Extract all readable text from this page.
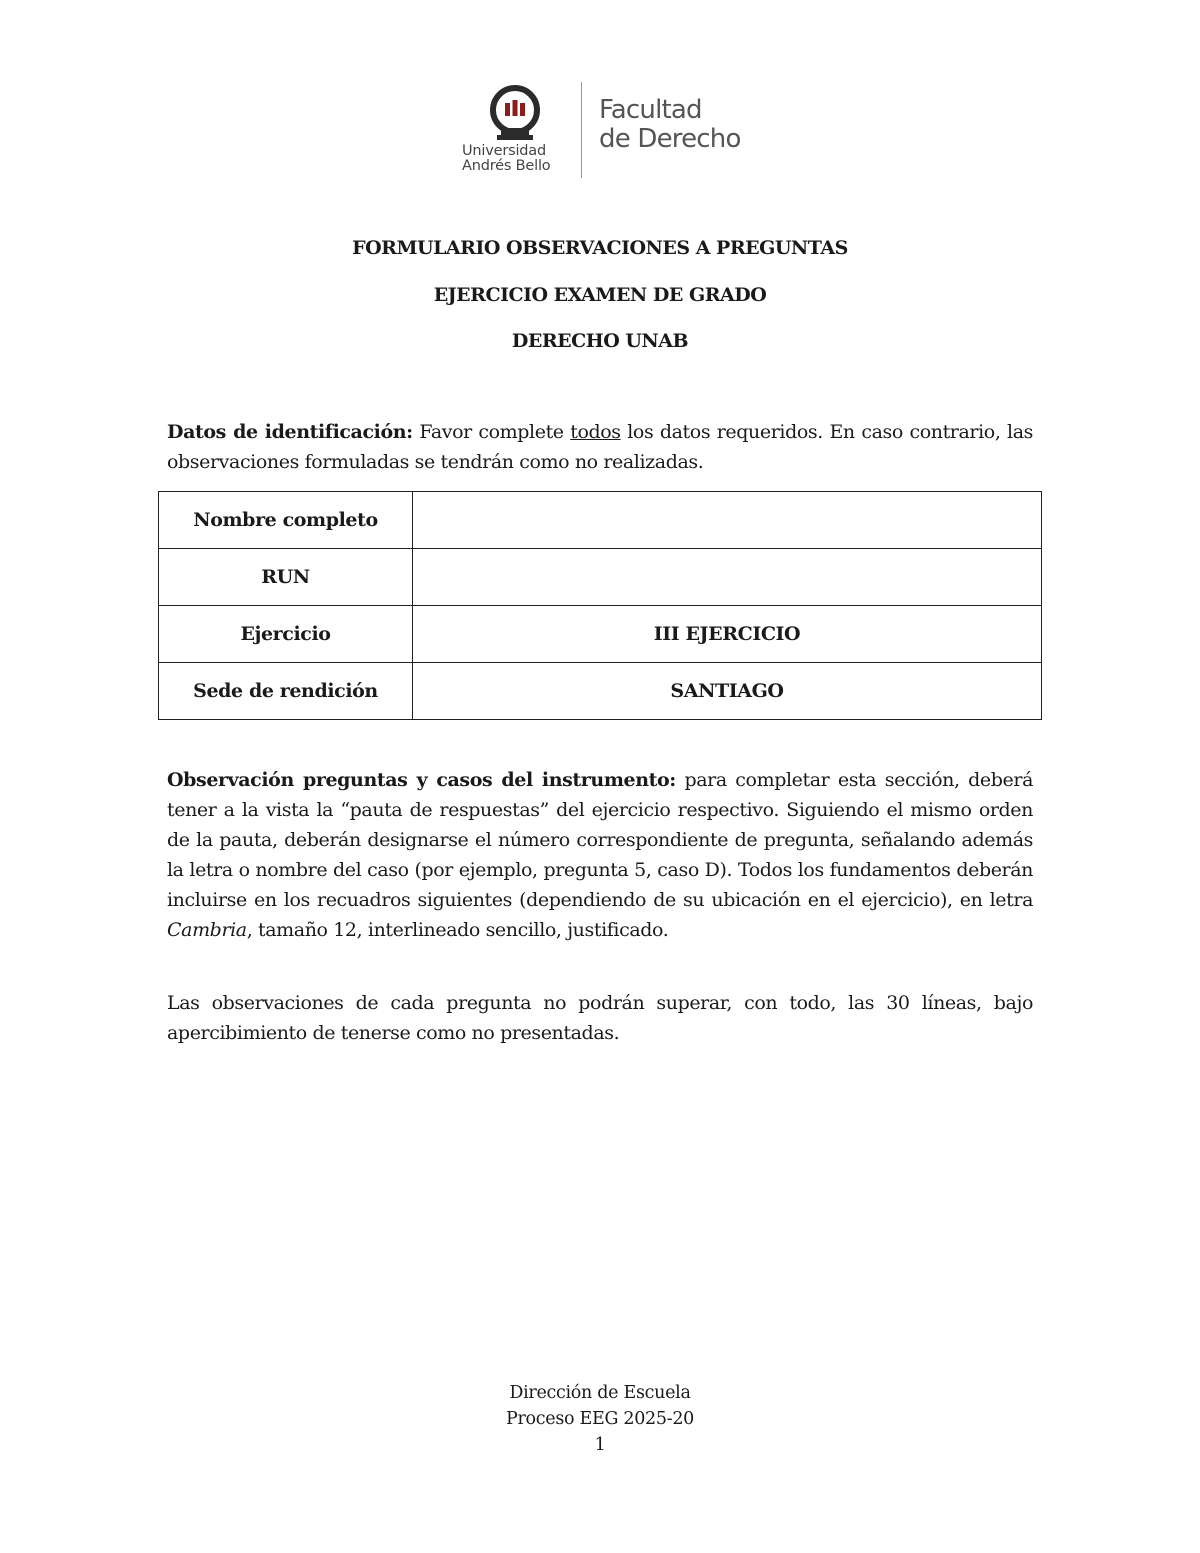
Universidad
Andrés Bello
Facultad
de Derecho
FORMULARIO OBSERVACIONES A PREGUNTAS
EJERCICIO EXAMEN DE GRADO
DERECHO UNAB
Datos de identificación: Favor complete todos los datos requeridos. En caso contrario, las observaciones formuladas se tendrán como no realizadas.
Nombre completo	
RUN	
Ejercicio	III EJERCICIO
Sede de rendición	SANTIAGO
Observación preguntas y casos del instrumento: para completar esta sección, deberá tener a la vista la “pauta de respuestas” del ejercicio respectivo. Siguiendo el mismo orden de la pauta, deberán designarse el número correspondiente de pregunta, señalando además la letra o nombre del caso (por ejemplo, pregunta 5, caso D). Todos los fundamentos deberán incluirse en los recuadros siguientes (dependiendo de su ubicación en el ejercicio), en letra Cambria, tamaño 12, interlineado sencillo, justificado.
Las observaciones de cada pregunta no podrán superar, con todo, las 30 líneas, bajo apercibimiento de tenerse como no presentadas.
Dirección de Escuela
Proceso EEG 2025-20
1
